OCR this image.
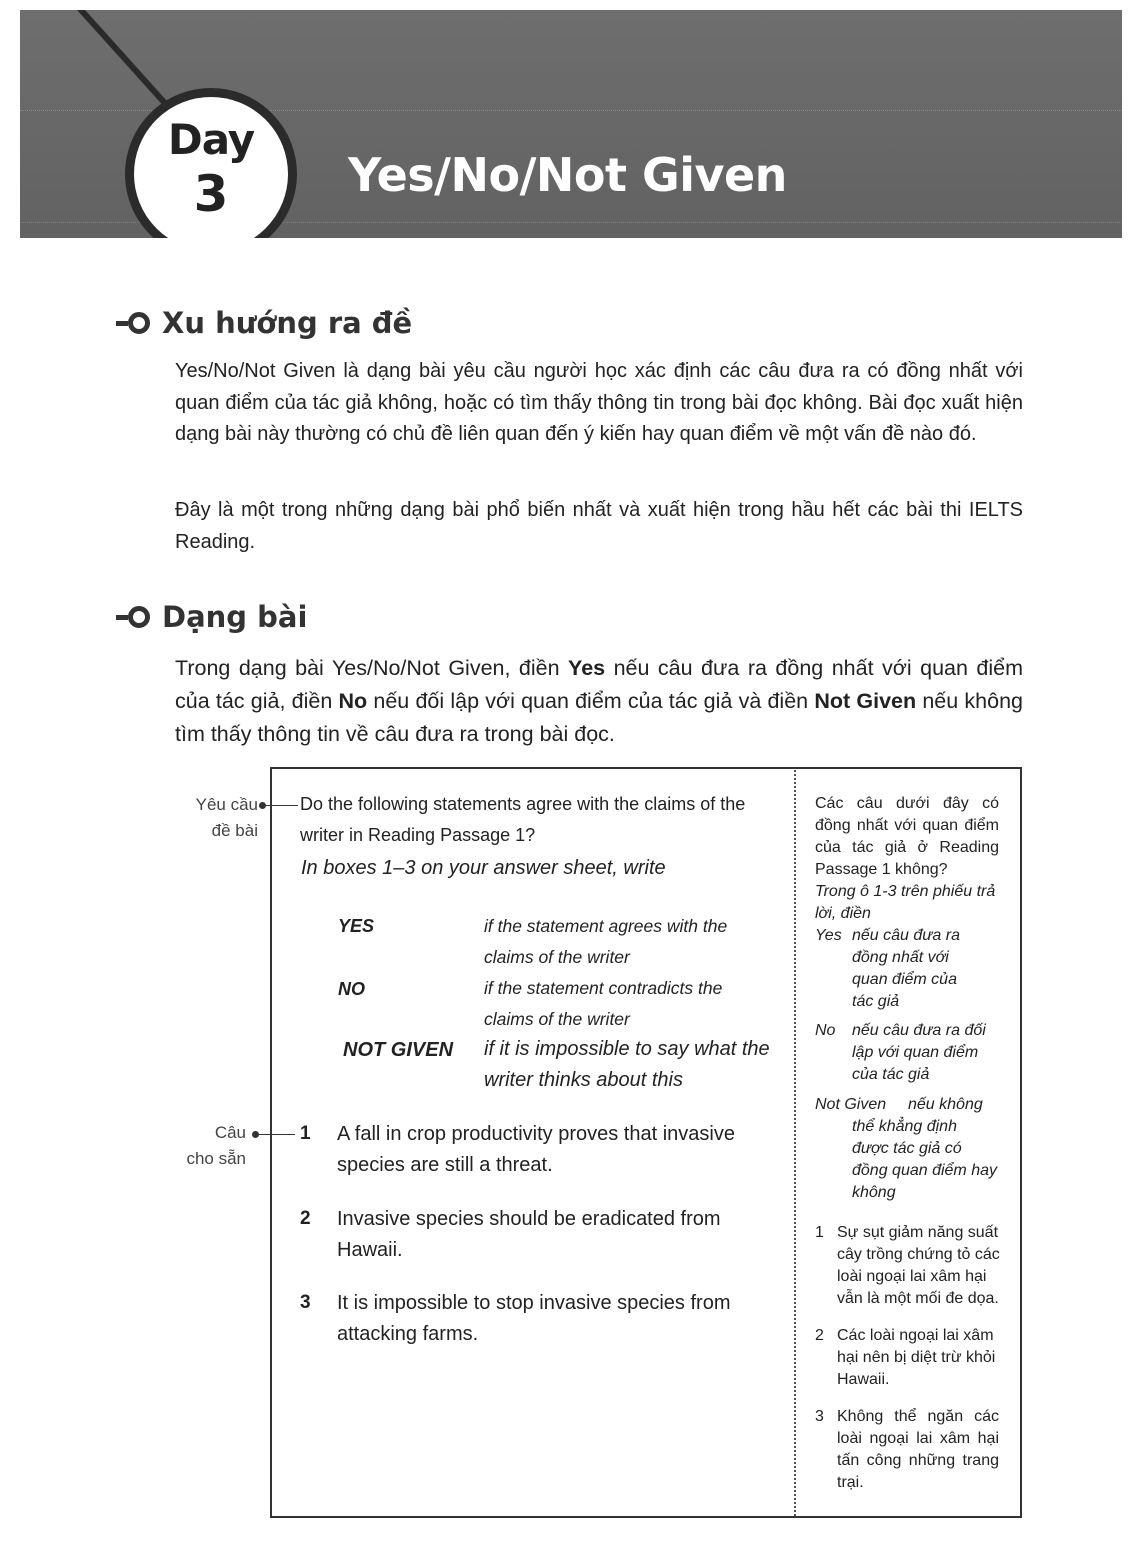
Day
3	Yes/No/Not Given
Xu hướng ra đề
Yes/No/Not Given là dạng bài yêu cầu người học xác định các câu đưa ra có đồng nhất với quan điểm của tác giả không, hoặc có tìm thấy thông tin trong bài đọc không. Bài đọc xuất hiện dạng bài này thường có chủ đề liên quan đến ý kiến hay quan điểm về một vấn đề nào đó.
Đây là một trong những dạng bài phổ biến nhất và xuất hiện trong hầu hết các bài thi IELTS Reading.
Dạng bài
Trong dạng bài Yes/No/Not Given, điền Yes nếu câu đưa ra đồng nhất với quan điểm của tác giả, điền No nếu đối lập với quan điểm của tác giả và điền Not Given nếu không tìm thấy thông tin về câu đưa ra trong bài đọc.
Yêu cầu
đề bài
Câu
cho sẵn
Do the following statements agree with the claims of the writer in Reading Passage 1?
In boxes 1–3 on your answer sheet, write
YES	if the statement agrees with the claims of the writer
NO	if the statement contradicts the claims of the writer
NOT GIVEN if it is impossible to say what the writer thinks about this
1 A fall in crop productivity proves that invasive species are still a threat.
2 Invasive species should be eradicated from Hawaii.
3 It is impossible to stop invasive species from attacking farms.
Các câu dưới đây có đồng nhất với quan điểm của tác giả ở Reading Passage 1 không?
Trong ô 1-3 trên phiếu trả lời, điền
Yes nếu câu đưa ra đồng nhất với quan điểm của tác giả
No nếu câu đưa ra đối lập với quan điểm của tác giả
Not Given	nếu không thể khẳng định được tác giả có đồng quan điểm hay không
1 Sự sụt giảm năng suất cây trồng chứng tỏ các loài ngoại lai xâm hại vẫn là một mối đe dọa.
2 Các loài ngoại lai xâm hại nên bị diệt trừ khỏi Hawaii.
3 Không thể ngăn các loài ngoại lai xâm hại tấn công những trang trại.
